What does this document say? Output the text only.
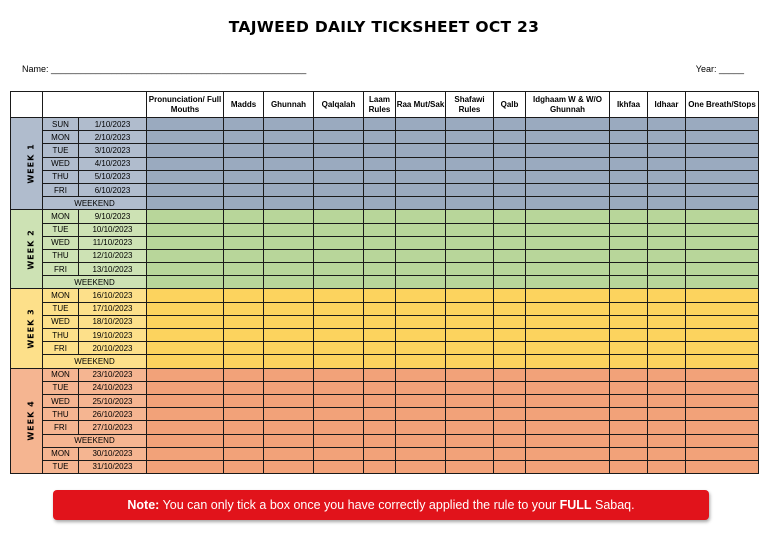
TAJWEED DAILY TICKSHEET OCT 23
Name: ___________________________________________________	Year: _____
			Pronunciation/ Full Mouths	Madds	Ghunnah	Qalqalah	Laam Rules	Raa Mut/Sak	Shafawi Rules	Qalb	Idghaam W & W/O Ghunnah	Ikhfaa	Idhaar	One Breath/Stops
WEEK 1	SUN	1/10/2023												
	MON	2/10/2023												
	TUE	3/10/2023												
	WED	4/10/2023												
	THU	5/10/2023												
	FRI	6/10/2023												
	WEEKEND													
WEEK 2	MON	9/10/2023												
	TUE	10/10/2023												
	WED	11/10/2023												
	THU	12/10/2023												
	FRI	13/10/2023												
	WEEKEND													
WEEK 3	MON	16/10/2023												
	TUE	17/10/2023												
	WED	18/10/2023												
	THU	19/10/2023												
	FRI	20/10/2023												
	WEEKEND													
WEEK 4	MON	23/10/2023												
	TUE	24/10/2023												
	WED	25/10/2023												
	THU	26/10/2023												
	FRI	27/10/2023												
	WEEKEND													
	MON	30/10/2023												
	TUE	31/10/2023												
Note: You can only tick a box once you have correctly applied the rule to your FULL Sabaq.
